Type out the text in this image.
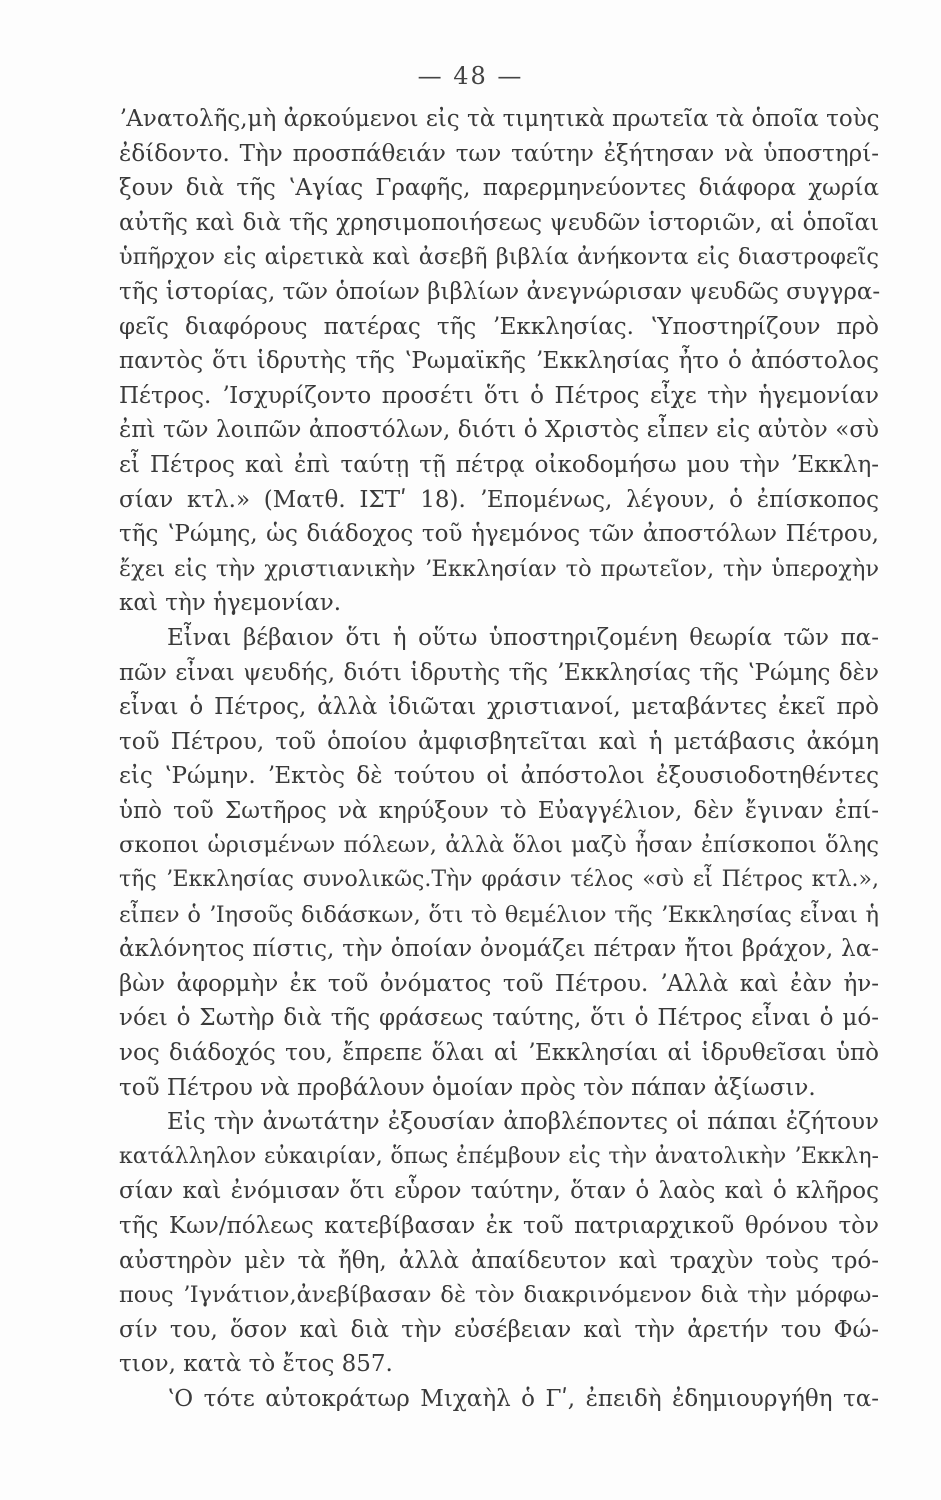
— 48 —
ʼΑνατολῆς,μὴ ἀρκούμενοι εἰς τὰ τιμητικὰ πρωτεῖα τὰ ὁποῖα τοὺς
ἐδίδοντο. Τὴν προσπάθειάν των ταύτην ἐξήτησαν νὰ ὑποστηρί-
ξουν διὰ τῆς ʽΑγίας Γραφῆς, παρερμηνεύοντες διάφορα χωρία
αὐτῆς καὶ διὰ τῆς χρησιμοποιήσεως ψευδῶν ἱστοριῶν, αἱ ὁποῖαι
ὑπῆρχον εἰς αἱρετικὰ καὶ ἀσεβῆ βιβλία ἀνήκοντα εἰς διαστροφεῖς
τῆς ἱστορίας, τῶν ὁποίων βιβλίων ἀνεγνώρισαν ψευδῶς συγγρα-
φεῖς διαφόρους πατέρας τῆς ʼΕκκλησίας. ʽΥποστηρίζουν πρὸ
παντὸς ὅτι ἱδρυτὴς τῆς ʽΡωμαϊκῆς ʼΕκκλησίας ἦτο ὁ ἀπόστολος
Πέτρος. ʼΙσχυρίζοντο προσέτι ὅτι ὁ Πέτρος εἶχε τὴν ἡγεμονίαν
ἐπὶ τῶν λοιπῶν ἀποστόλων, διότι ὁ Χριστὸς εἶπεν εἰς αὐτὸν «σὺ
εἶ Πέτρος καὶ ἐπὶ ταύτῃ τῇ πέτρᾳ οἰκοδομήσω μου τὴν ʼΕκκλη-
σίαν κτλ.» (Ματθ. ΙΣΤʹ 18). ʼΕπομένως, λέγουν, ὁ ἐπίσκοπος
τῆς ʽΡώμης, ὡς διάδοχος τοῦ ἡγεμόνος τῶν ἀποστόλων Πέτρου,
ἔχει εἰς τὴν χριστιανικὴν ʼΕκκλησίαν τὸ πρωτεῖον, τὴν ὑπεροχὴν
καὶ τὴν ἡγεμονίαν.
Εἶναι βέβαιον ὅτι ἡ οὕτω ὑποστηριζομένη θεωρία τῶν πα-
πῶν εἶναι ψευδής, διότι ἱδρυτὴς τῆς ʼΕκκλησίας τῆς ʽΡώμης δὲν
εἶναι ὁ Πέτρος, ἀλλὰ ἰδιῶται χριστιανοί, μεταβάντες ἐκεῖ πρὸ
τοῦ Πέτρου, τοῦ ὁποίου ἀμφισβητεῖται καὶ ἡ μετάβασις ἀκόμη
εἰς ʽΡώμην. ʼΕκτὸς δὲ τούτου οἱ ἀπόστολοι ἐξουσιοδοτηθέντες
ὑπὸ τοῦ Σωτῆρος νὰ κηρύξουν τὸ Εὐαγγέλιον, δὲν ἔγιναν ἐπί-
σκοποι ὡρισμένων πόλεων, ἀλλὰ ὅλοι μαζὺ ἦσαν ἐπίσκοποι ὅλης
τῆς ʼΕκκλησίας συνολικῶς.Τὴν φράσιν τέλος «σὺ εἶ Πέτρος κτλ.»,
εἶπεν ὁ ʼΙησοῦς διδάσκων, ὅτι τὸ θεμέλιον τῆς ʼΕκκλησίας εἶναι ἡ
ἀκλόνητος πίστις, τὴν ὁποίαν ὀνομάζει πέτραν ἤτοι βράχον, λα-
βὼν ἀφορμὴν ἐκ τοῦ ὀνόματος τοῦ Πέτρου. ʼΑλλὰ καὶ ἐὰν ἠν-
νόει ὁ Σωτὴρ διὰ τῆς φράσεως ταύτης, ὅτι ὁ Πέτρος εἶναι ὁ μό-
νος διάδοχός του, ἔπρεπε ὅλαι αἱ ʼΕκκλησίαι αἱ ἱδρυθεῖσαι ὑπὸ
τοῦ Πέτρου νὰ προβάλουν ὁμοίαν πρὸς τὸν πάπαν ἀξίωσιν.
Εἰς τὴν ἀνωτάτην ἐξουσίαν ἀποβλέποντες οἱ πάπαι ἐζήτουν
κατάλληλον εὐκαιρίαν, ὅπως ἐπέμβουν εἰς τὴν ἀνατολικὴν ʼΕκκλη-
σίαν καὶ ἐνόμισαν ὅτι εὗρον ταύτην, ὅταν ὁ λαὸς καὶ ὁ κλῆρος
τῆς Κων/πόλεως κατεβίβασαν ἐκ τοῦ πατριαρχικοῦ θρόνου τὸν
αὐστηρὸν μὲν τὰ ἤθη, ἀλλὰ ἀπαίδευτον καὶ τραχὺν τοὺς τρό-
πους ʼΙγνάτιον,ἀνεβίβασαν δὲ τὸν διακρινόμενον διὰ τὴν μόρφω-
σίν του, ὅσον καὶ διὰ τὴν εὐσέβειαν καὶ τὴν ἀρετήν του Φώ-
τιον, κατὰ τὸ ἔτος 857.
ʽΟ τότε αὐτοκράτωρ Μιχαὴλ ὁ Γʹ, ἐπειδὴ ἐδημιουργήθη τα-
